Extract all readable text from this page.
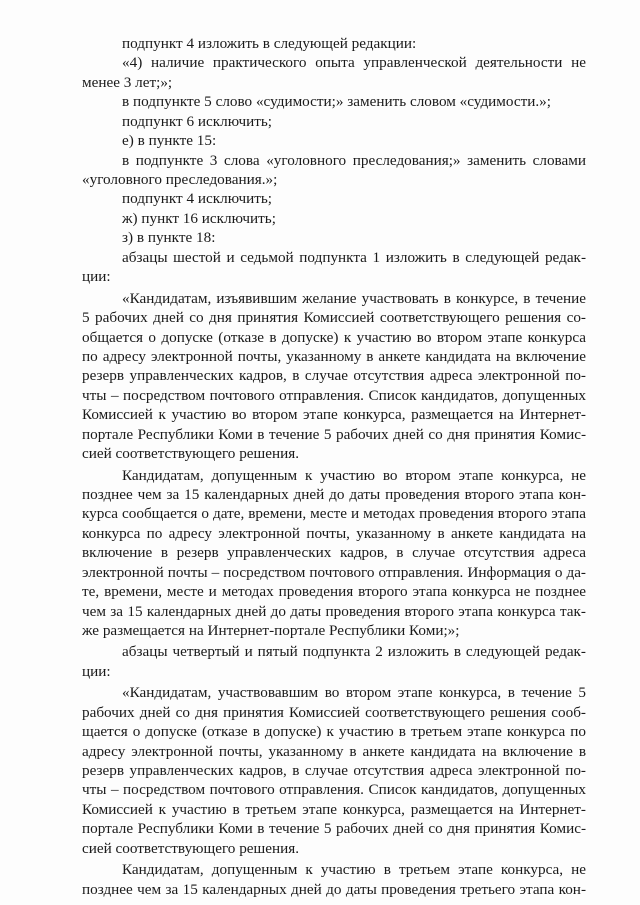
подпункт 4 изложить в следующей редакции:
«4) наличие практического опыта управленческой деятельности не
менее 3 лет;»;
в подпункте 5 слово «судимости;» заменить словом «судимости.»;
подпункт 6 исключить;
е) в пункте 15:
в подпункте 3 слова «уголовного преследования;» заменить словами
«уголовного преследования.»;
подпункт 4 исключить;
ж) пункт 16 исключить;
з) в пункте 18:
абзацы шестой и седьмой подпункта 1 изложить в следующей редак-
ции:
«Кандидатам, изъявившим желание участвовать в конкурсе, в течение
5 рабочих дней со дня принятия Комиссией соответствующего решения со-
общается о допуске (отказе в допуске) к участию во втором этапе конкурса
по адресу электронной почты, указанному в анкете кандидата на включение
резерв управленческих кадров, в случае отсутствия адреса электронной по-
чты – посредством почтового отправления. Список кандидатов, допущенных
Комиссией к участию во втором этапе конкурса, размещается на Интернет-
портале Республики Коми в течение 5 рабочих дней со дня принятия Комис-
сией соответствующего решения.
Кандидатам, допущенным к участию во втором этапе конкурса, не
позднее чем за 15 календарных дней до даты проведения второго этапа кон-
курса сообщается о дате, времени, месте и методах проведения второго этапа
конкурса по адресу электронной почты, указанному в анкете кандидата на
включение в резерв управленческих кадров, в случае отсутствия адреса
электронной почты – посредством почтового отправления. Информация о да-
те, времени, месте и методах проведения второго этапа конкурса не позднее
чем за 15 календарных дней до даты проведения второго этапа конкурса так-
же размещается на Интернет-портале Республики Коми;»;
абзацы четвертый и пятый подпункта 2 изложить в следующей редак-
ции:
«Кандидатам, участвовавшим во втором этапе конкурса, в течение 5
рабочих дней со дня принятия Комиссией соответствующего решения сооб-
щается о допуске (отказе в допуске) к участию в третьем этапе конкурса по
адресу электронной почты, указанному в анкете кандидата на включение в
резерв управленческих кадров, в случае отсутствия адреса электронной по-
чты – посредством почтового отправления. Список кандидатов, допущенных
Комиссией к участию в третьем этапе конкурса, размещается на Интернет-
портале Республики Коми в течение 5 рабочих дней со дня принятия Комис-
сией соответствующего решения.
Кандидатам, допущенным к участию в третьем этапе конкурса, не
позднее чем за 15 календарных дней до даты проведения третьего этапа кон-
